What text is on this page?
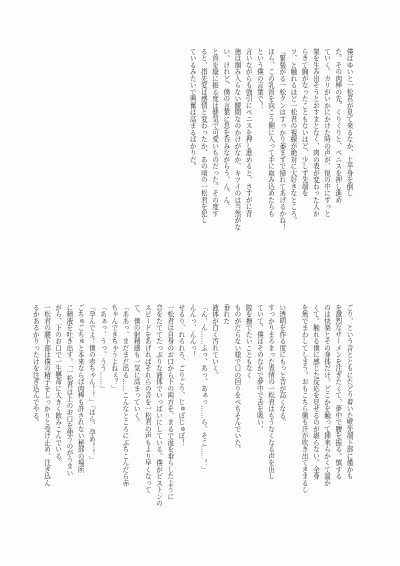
僕はゆいと一松君が見て来るなか、上半身を倒し
た。その肉棒の先、くりくりと、ペニスを押し進め
ていく。カリがいかにかけた時の声が、悦の中にずっと
架を生み出そうとおすまとなく、肉の表が変わった人か
らきて胸がなったこともないほど、少しず先端を
ツ、と触れるほど一松君の視線が絶対に大好きなところ。
『緊張がる一松クンはすっかり萎まずで掃れてあげるかね！
ほら、この乳首を向こう側に入って手に取み込めたらも
という僕の言葉で！
言いながらも強引にペニスを押し進めると、さすがに背
徳は掴み入らない腰間なのかけがなか、キツイのは当然がな
い。けれど、僕の言葉に息を呑みながらう、ん、ん、
と首を縦に振る度は健気で可愛いものだった。その度す
ると、指先変は感情と変わったか、あの頃の一松君を犯し
ているみたいで興奮は高まるばかりだ。
ごり、という音とともにたどり着いた壁先端下部に僅かも
を激烈なザーメンを注ぎたくて、夢中で腰を振る。慎する
のは快楽とその身体だけ。どこかを触って挿来らかくて温か
くて。触れる僕に感じた反応を見せるのが堪らない。全身
を無でまわしてしまう。おもこちら側も汗が吹き出てきまるし
い透明を作る度にもっと音が高くなる。
すっかりまろまった表情の一松君はもうなくなる声を出し
ていて、僕はそのなかで夢中で舌を吸い、
膣を撫でたいこともなく
ものがだらない様で口の回りをべちそんでいた。
垂れた
液体が白く汚れていく。
「ん、ん……ふっ、あっ、あぁっ……ら、そこ……！」
んんっ、んんっ！
せるり、れろれろ、ごりごり、じゅぽじゅぽ！
一松君は自身のお口から下の両方を、まるで涎を垂らしたように
音をたててたっぷりな液体でいっぱいにしている。僕がピストンの
スピードをあげればそれらの音を一松君の声もより早くなって
て、僕の射精感も一気に高まっていく。
「ああっ、まだまだ出る……こんなところにぶちこんだら赤
ちゃんできちゃうよねぇ？」
「あぁっ、うっ、うう……」
「孕んでよ！僕の赤ちゃん！！」「ほら、孕め！！」
ごちゅごちゅと本来ならば肉棒も許されない秘部の場所
に精液を吐き出す。「一松君は上のお口を使うのがうまい
がら、下のお口で一生懸命に大きく飲みこんでいる。
一松君の腰下部は僕の精子をしっかりと受け止め、注ぎ込ん
るかあるかりったけを注ぎ込んでやる。
